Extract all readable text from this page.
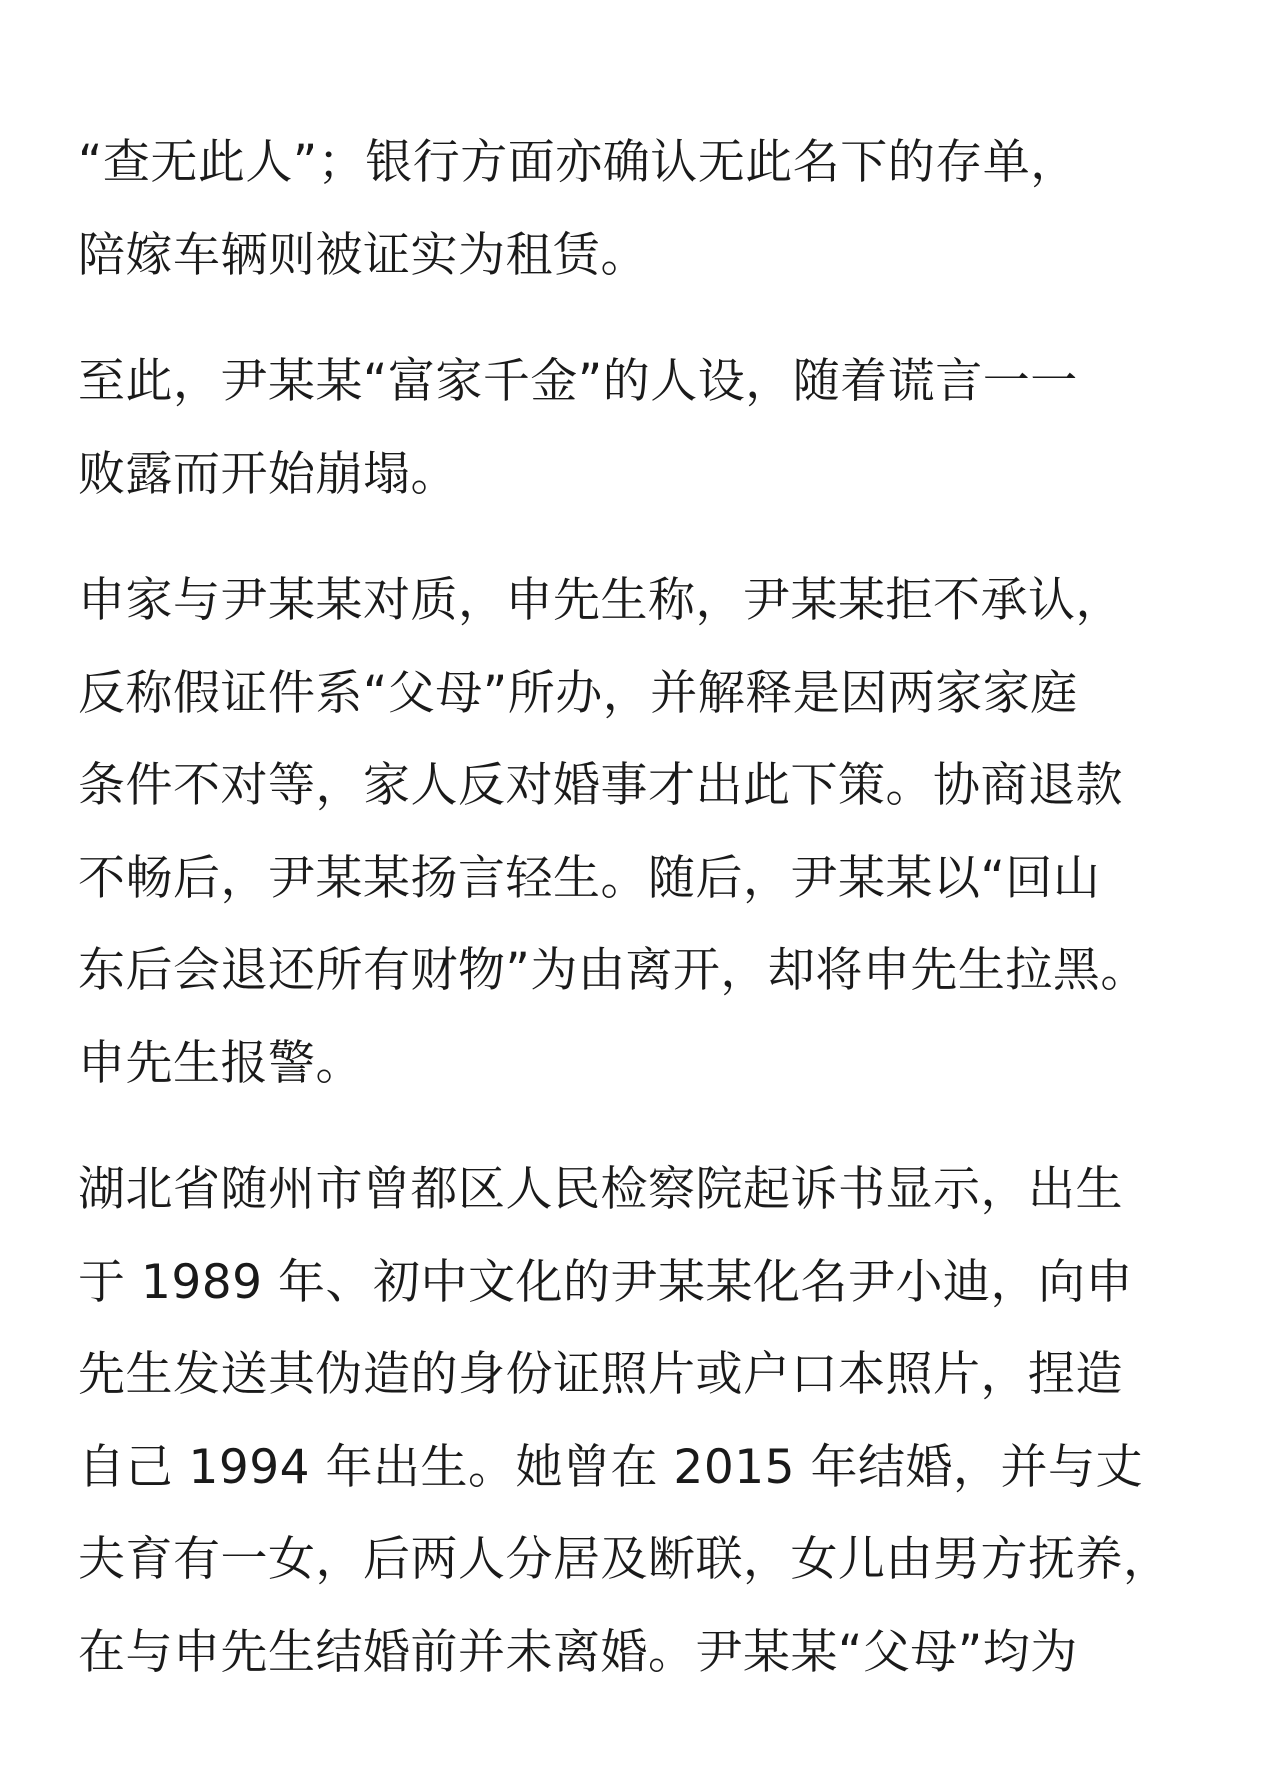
“查无此人”；银行方面亦确认无此名下的存单，
陪嫁车辆则被证实为租赁。

至此，尹某某“富家千金”的人设，随着谎言一一
败露而开始崩塌。

申家与尹某某对质，申先生称，尹某某拒不承认，
反称假证件系“父母”所办，并解释是因两家家庭
条件不对等，家人反对婚事才出此下策。协商退款
不畅后，尹某某扬言轻生。随后，尹某某以“回山
东后会退还所有财物”为由离开，却将申先生拉黑。
申先生报警。

湖北省随州市曾都区人民检察院起诉书显示，出生
于 1989 年、初中文化的尹某某化名尹小迪，向申
先生发送其伪造的身份证照片或户口本照片，捏造
自己 1994 年出生。她曾在 2015 年结婚，并与丈
夫育有一女，后两人分居及断联，女儿由男方抚养，
在与申先生结婚前并未离婚。尹某某“父母”均为
